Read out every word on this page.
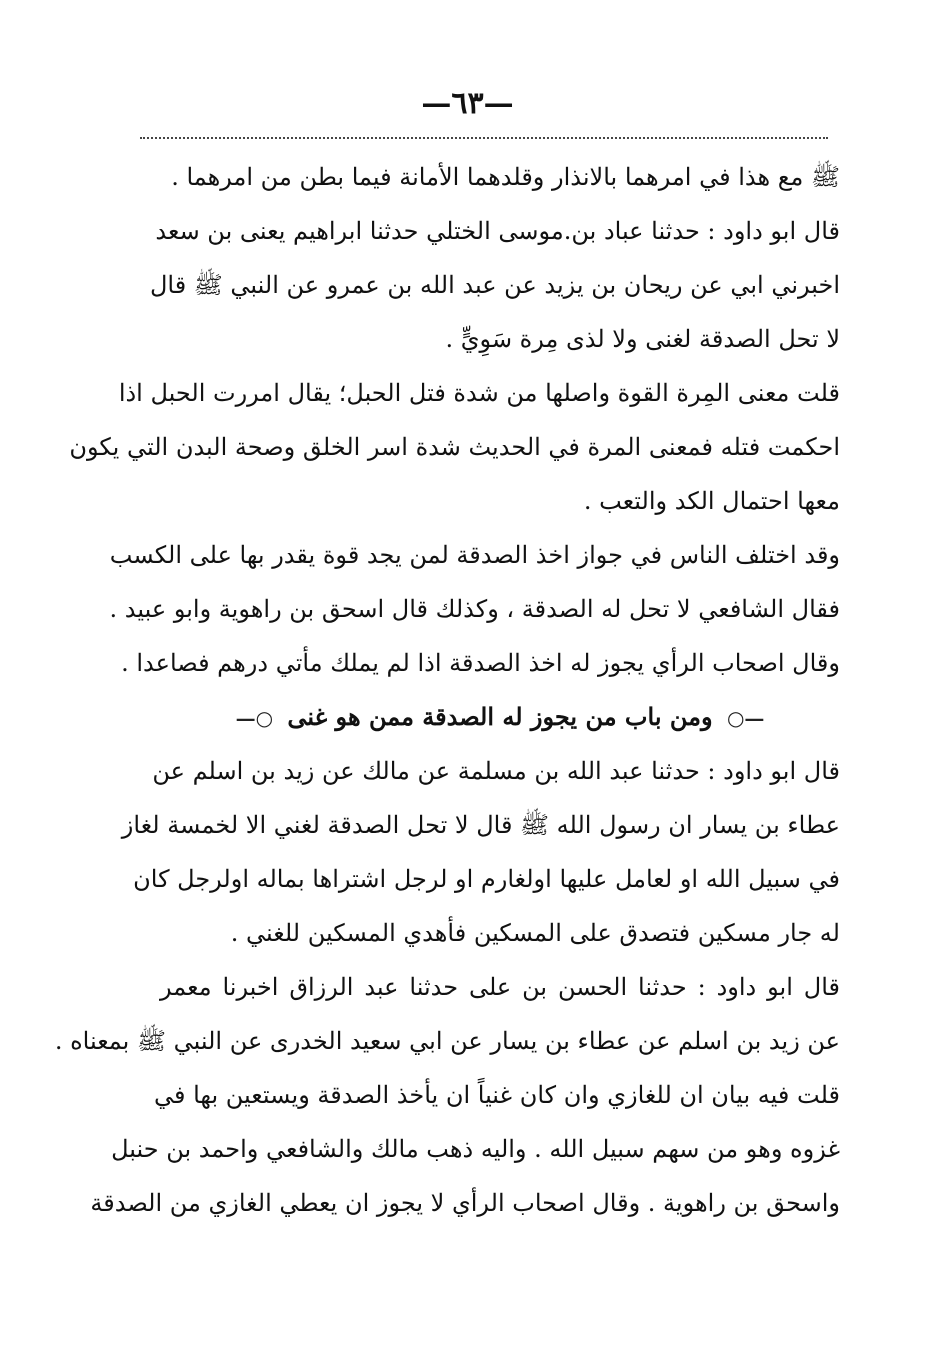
—٦٣—
ﷺ مع هذا في امرهما بالانذار وقلدهما الأمانة فيما بطن من امرهما .
قال ابو داود : حدثنا عباد بن.موسى الختلي حدثنا ابراهيم يعنى بن سعد
اخبرني ابي عن ريحان بن يزيد عن عبد الله بن عمرو عن النبي ﷺ قال
لا تحل الصدقة لغنى ولا لذى مِرة سَوِيٍّ .
قلت معنى المِرة القوة واصلها من شدة فتل الحبل؛ يقال امررت الحبل اذا
احكمت فتله فمعنى المرة في الحديث شدة اسر الخلق وصحة البدن التي يكون
معها احتمال الكد والتعب .
وقد اختلف الناس في جواز اخذ الصدقة لمن يجد قوة يقدر بها على الكسب
فقال الشافعي لا تحل له الصدقة ، وكذلك قال اسحق بن راهوية وابو عبيد .
وقال اصحاب الرأي يجوز له اخذ الصدقة اذا لم يملك مأتي درهم فصاعدا .
—○ ومن باب من يجوز له الصدقة ممن هو غنى ○—
قال ابو داود : حدثنا عبد الله بن مسلمة عن مالك عن زيد بن اسلم عن
عطاء بن يسار ان رسول الله ﷺ قال لا تحل الصدقة لغني الا لخمسة لغاز
في سبيل الله او لعامل عليها اولغارم او لرجل اشتراها بماله اولرجل كان
له جار مسكين فتصدق على المسكين فأهدي المسكين للغني .
قال ابو داود : حدثنا الحسن بن على حدثنا عبد الرزاق اخبرنا معمر
عن زيد بن اسلم عن عطاء بن يسار عن ابي سعيد الخدرى عن النبي ﷺ بمعناه .
قلت فيه بيان ان للغازي وان كان غنياً ان يأخذ الصدقة ويستعين بها في
غزوه وهو من سهم سبيل الله . واليه ذهب مالك والشافعي واحمد بن حنبل
واسحق بن راهوية . وقال اصحاب الرأي لا يجوز ان يعطي الغازي من الصدقة
